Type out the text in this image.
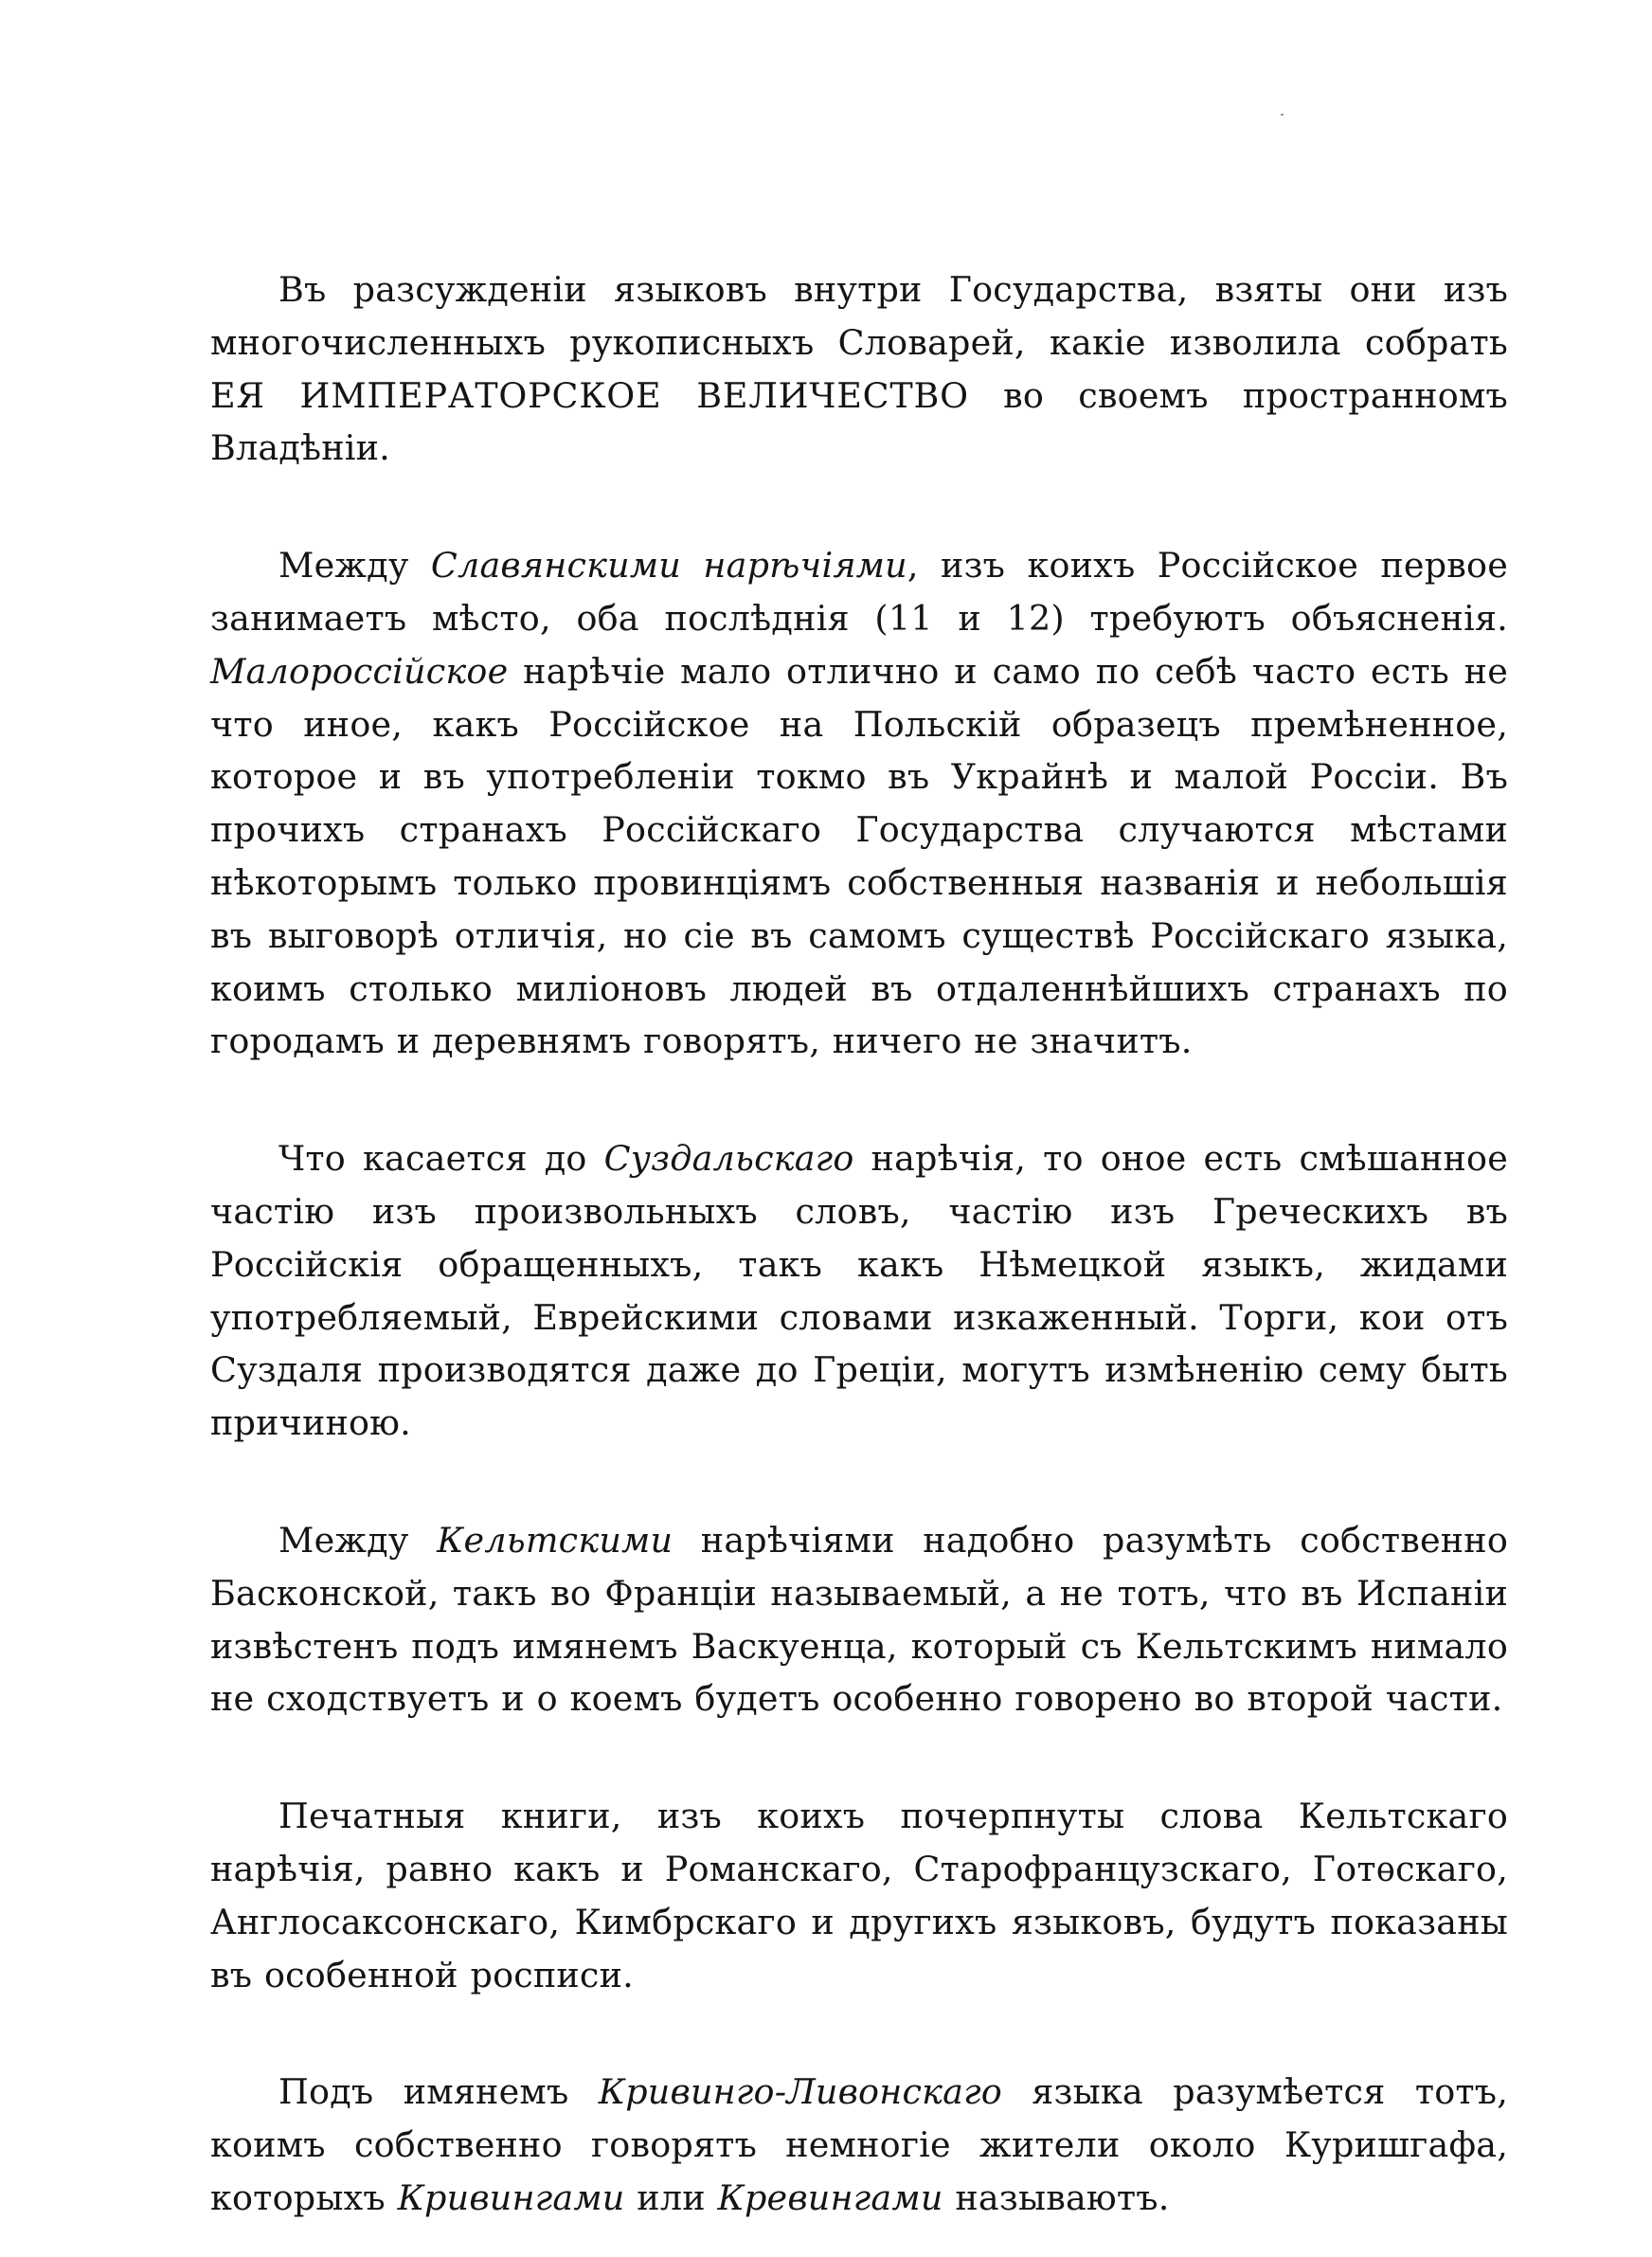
Въ разсужденіи языковъ внутри Государства, взяты они изъ многочисленныхъ рукописныхъ Словарей, какіе изволила собрать ЕЯ ИМПЕРАТОРСКОЕ ВЕЛИЧЕСТВО во своемъ пространномъ Владѣніи.

Между Славянскими нарѣчіями, изъ коихъ Россійское первое занимаетъ мѣсто, оба послѣднія (11 и 12) требуютъ объясненія. Малороссійское нарѣчіе мало отлично и само по себѣ часто есть не что иное, какъ Россійское на Польскій образецъ премѣненное, которое и въ употребленіи токмо въ Украйнѣ и малой Россіи. Въ прочихъ странахъ Россійскаго Государства случаются мѣстами нѣкоторымъ только провинціямъ собственныя названія и небольшія въ выговорѣ отличія, но сіе въ самомъ существѣ Россійскаго языка, коимъ столько миліоновъ людей въ отдаленнѣйшихъ странахъ по городамъ и деревнямъ говорятъ, ничего не значитъ.

Что касается до Суздальскаго нарѣчія, то оное есть смѣшанное частію изъ произвольныхъ словъ, частію изъ Греческихъ въ Россійскія обращенныхъ, такъ какъ Нѣмецкой языкъ, жидами употребляемый, Еврейскими словами изкаженный. Торги, кои отъ Суздаля производятся даже до Греціи, могутъ измѣненію сему быть причиною.

Между Кельтскими нарѣчіями надобно разумѣть собственно Басконской, такъ во Франціи называемый, а не тотъ, что въ Испаніи извѣстенъ подъ имянемъ Васкуенца, который съ Кельтскимъ нимало не сходствуетъ и о коемъ будетъ особенно говорено во второй части.

Печатныя книги, изъ коихъ почерпнуты слова Кельтскаго нарѣчія, равно какъ и Романскаго, Старофранцузскаго, Готѳскаго, Англосаксонскаго, Кимбрскаго и другихъ языковъ, будутъ показаны въ особенной росписи.

Подъ имянемъ Кривинго-Ливонскаго языка разумѣется тотъ, коимъ собственно говорятъ немногіе жители около Куришгафа, которыхъ Кривингами или Кревингами называютъ.
